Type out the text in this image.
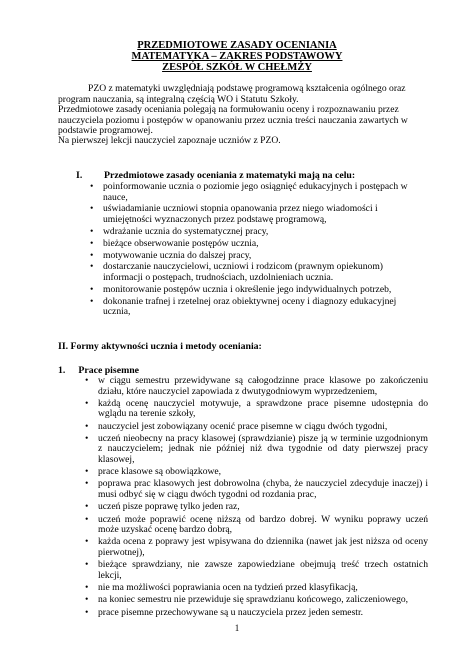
PRZEDMIOTOWE ZASADY OCENIANIA
MATEMATYKA – ZAKRES PODSTAWOWY
ZESPÓŁ SZKÓŁ W CHEŁMŻY
PZO z matematyki uwzględniają podstawę programową kształcenia ogólnego oraz program nauczania, są integralną częścią WO i Statutu Szkoły.
Przedmiotowe zasady oceniania polegają na formułowaniu oceny i rozpoznawaniu przez nauczyciela poziomu i postępów w opanowaniu przez ucznia treści nauczania zawartych w podstawie programowej.
Na pierwszej lekcji nauczyciel zapoznaje uczniów z PZO.
I. Przedmiotowe zasady oceniania z matematyki mają na celu:
• poinformowanie ucznia o poziomie jego osiągnięć edukacyjnych i postępach w nauce,
• uświadamianie uczniowi stopnia opanowania przez niego wiadomości i umiejętności wyznaczonych przez podstawę programową,
• wdrażanie ucznia do systematycznej pracy,
• bieżące obserwowanie postępów ucznia,
• motywowanie ucznia do dalszej pracy,
• dostarczanie nauczycielowi, uczniowi i rodzicom (prawnym opiekunom) informacji o postępach, trudnościach, uzdolnieniach ucznia.
• monitorowanie postępów ucznia i określenie jego indywidualnych potrzeb,
• dokonanie trafnej i rzetelnej oraz obiektywnej oceny i diagnozy edukacyjnej ucznia,
II. Formy aktywności ucznia i metody oceniania:
1. Prace pisemne
• w ciągu semestru przewidywane są całogodzinne prace klasowe po zakończeniu działu, które nauczyciel zapowiada z dwutygodniowym wyprzedzeniem,
• każdą ocenę nauczyciel motywuje, a sprawdzone prace pisemne udostępnia do wglądu na terenie szkoły,
• nauczyciel jest zobowiązany ocenić prace pisemne w ciągu dwóch tygodni,
• uczeń nieobecny na pracy klasowej (sprawdzianie) pisze ją w terminie uzgodnionym z nauczycielem; jednak nie później niż dwa tygodnie od daty pierwszej pracy klasowej,
• prace klasowe są obowiązkowe,
• poprawa prac klasowych jest dobrowolna (chyba, że nauczyciel zdecyduje inaczej) i musi odbyć się w ciągu dwóch tygodni od rozdania prac,
• uczeń pisze poprawę tylko jeden raz,
• uczeń może poprawić ocenę niższą od bardzo dobrej. W wyniku poprawy uczeń może uzyskać ocenę bardzo dobrą,
• każda ocena z poprawy jest wpisywana do dziennika (nawet jak jest niższa od oceny pierwotnej),
• bieżące sprawdziany, nie zawsze zapowiedziane obejmują treść trzech ostatnich lekcji,
• nie ma możliwości poprawiania ocen na tydzień przed klasyfikacją,
• na koniec semestru nie przewiduje się sprawdzianu końcowego, zaliczeniowego,
• prace pisemne przechowywane są u nauczyciela przez jeden semestr.
1
